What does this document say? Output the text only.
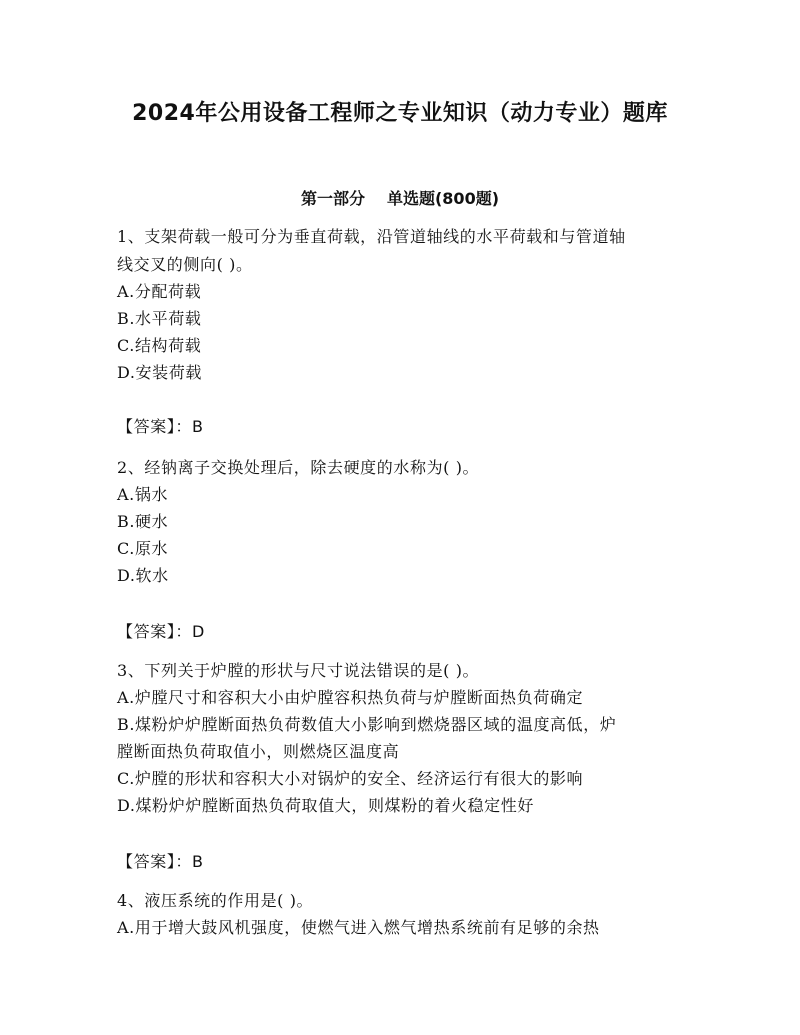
2024年公用设备工程师之专业知识（动力专业）题库
第一部分 单选题(800题)
1、支架荷载一般可分为垂直荷载，沿管道轴线的水平荷载和与管道轴
线交叉的侧向( )。
A.分配荷载
B.水平荷载
C.结构荷载
D.安装荷载
【答案】：B
2、经钠离子交换处理后，除去硬度的水称为( )。
A.锅水
B.硬水
C.原水
D.软水
【答案】：D
3、下列关于炉膛的形状与尺寸说法错误的是( )。
A.炉膛尺寸和容积大小由炉膛容积热负荷与炉膛断面热负荷确定
B.煤粉炉炉膛断面热负荷数值大小影响到燃烧器区域的温度高低，炉
膛断面热负荷取值小，则燃烧区温度高
C.炉膛的形状和容积大小对锅炉的安全、经济运行有很大的影响
D.煤粉炉炉膛断面热负荷取值大，则煤粉的着火稳定性好
【答案】：B
4、液压系统的作用是( )。
A.用于增大鼓风机强度，使燃气进入燃气增热系统前有足够的余热
